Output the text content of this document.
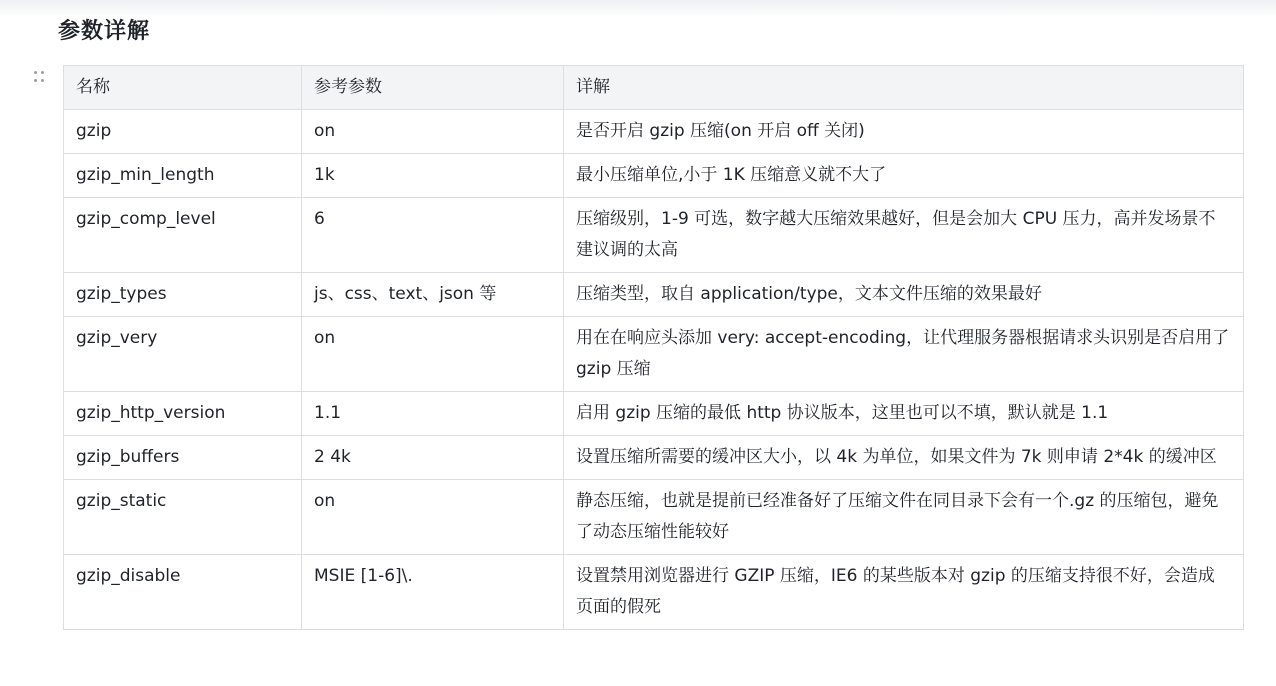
参数详解
名称	参考参数	详解
gzip	on	是否开启 gzip 压缩(on 开启 off 关闭)
gzip_min_length	1k	最小压缩单位,小于 1K 压缩意义就不大了
gzip_comp_level	6	压缩级别，1-9 可选，数字越大压缩效果越好，但是会加大 CPU 压力，高并发场景不建议调的太高
gzip_types	js、css、text、json 等	压缩类型，取自 application/type，文本文件压缩的效果最好
gzip_very	on	用在在响应头添加 very: accept-encoding，让代理服务器根据请求头识别是否启用了 gzip 压缩
gzip_http_version	1.1	启用 gzip 压缩的最低 http 协议版本，这里也可以不填，默认就是 1.1
gzip_buffers	2 4k	设置压缩所需要的缓冲区大小，以 4k 为单位，如果文件为 7k 则申请 2*4k 的缓冲区
gzip_static	on	静态压缩，也就是提前已经准备好了压缩文件在同目录下会有一个.gz 的压缩包，避免了动态压缩性能较好
gzip_disable	MSIE [1-6]\.	设置禁用浏览器进行 GZIP 压缩，IE6 的某些版本对 gzip 的压缩支持很不好，会造成页面的假死
